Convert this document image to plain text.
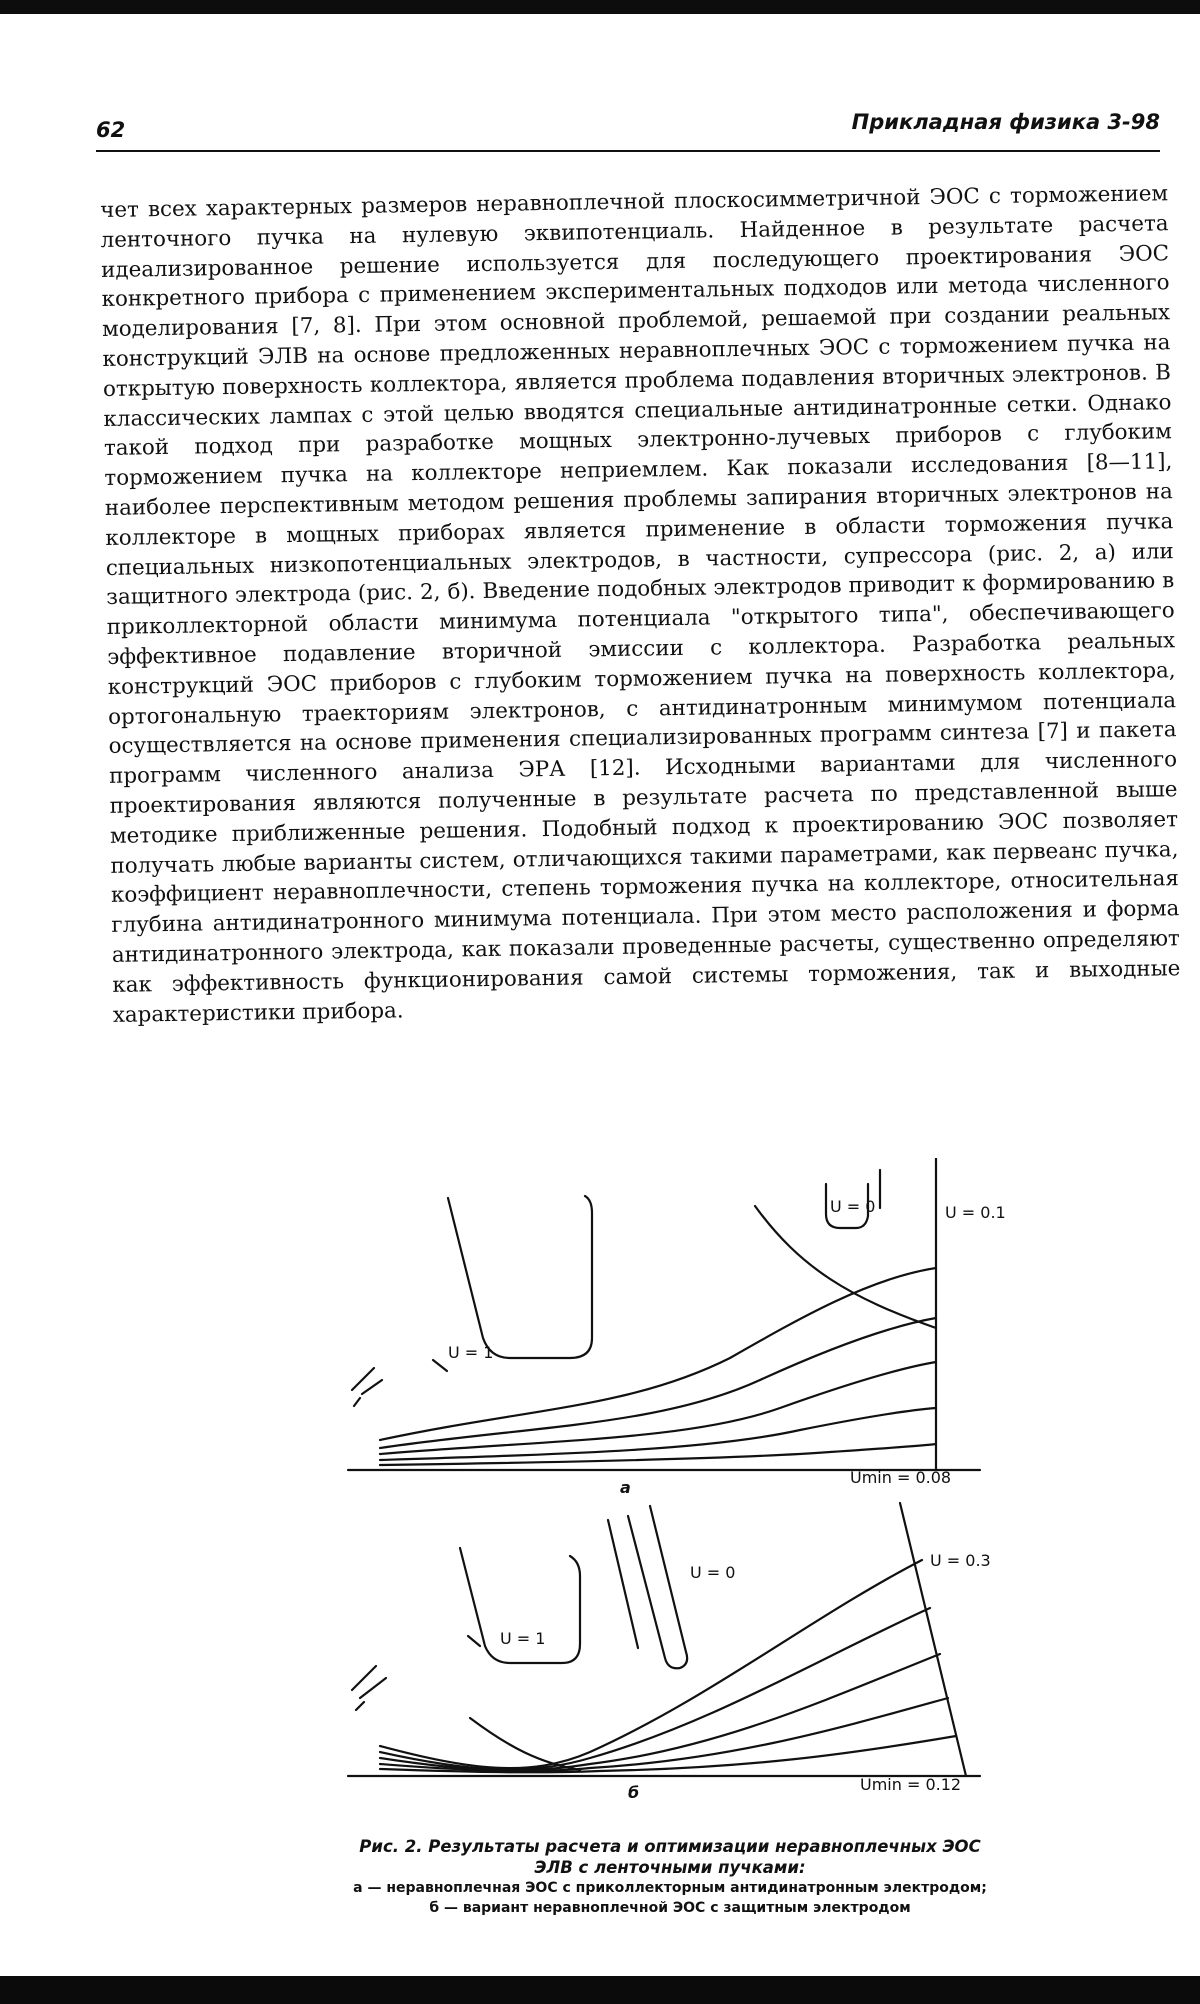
62	Прикладная физика 3-98
чет всех характерных размеров неравноплечной плоскосимметричной ЭОС с торможением ленточного пучка на нулевую эквипотенциаль. Найденное в результате расчета идеализированное решение используется для последующего проектирования ЭОС конкретного прибора с применением экспериментальных подходов или метода численного моделирования [7, 8]. При этом основной проблемой, решаемой при создании реальных конструкций ЭЛВ на основе предложенных неравноплечных ЭОС с торможением пучка на открытую поверхность коллектора, является проблема подавления вторичных электронов. В классических лампах с этой целью вводятся специальные антидинатронные сетки. Однако такой подход при разработке мощных электронно-лучевых приборов с глубоким торможением пучка на коллекторе неприемлем. Как показали исследования [8—11], наиболее перспективным методом решения проблемы запирания вторичных электронов на коллекторе в мощных приборах является применение в области торможения пучка специальных низкопотенциальных электродов, в частности, супрессора (рис. 2, а) или защитного электрода (рис. 2, б). Введение подобных электродов приводит к формированию в приколлекторной области минимума потенциала "открытого типа", обеспечивающего эффективное подавление вторичной эмиссии с коллектора. Разработка реальных конструкций ЭОС приборов с глубоким торможением пучка на поверхность коллектора, ортогональную траекториям электронов, с антидинатронным минимумом потенциала осуществляется на основе применения специализированных программ синтеза [7] и пакета программ численного анализа ЭРА [12]. Исходными вариантами для численного проектирования являются полученные в результате расчета по представленной выше методике приближенные решения. Подобный подход к проектированию ЭОС позволяет получать любые варианты систем, отличающихся такими параметрами, как первеанс пучка, коэффициент неравноплечности, степень торможения пучка на коллекторе, относительная глубина антидинатронного минимума потенциала. При этом место расположения и форма антидинатронного электрода, как показали проведенные расчеты, существенно определяют как эффективность функционирования самой системы торможения, так и выходные характеристики прибора.
U = 0	U = 0.1
U = 1
Umin = 0.08
а
U = 0
U = 0.3
U = 1
Umin = 0.12
б
Рис. 2. Результаты расчета и оптимизации неравноплечных ЭОС
ЭЛВ с ленточными пучками:
а — неравноплечная ЭОС с приколлекторным антидинатронным электродом;
б — вариант неравноплечной ЭОС с защитным электродом
